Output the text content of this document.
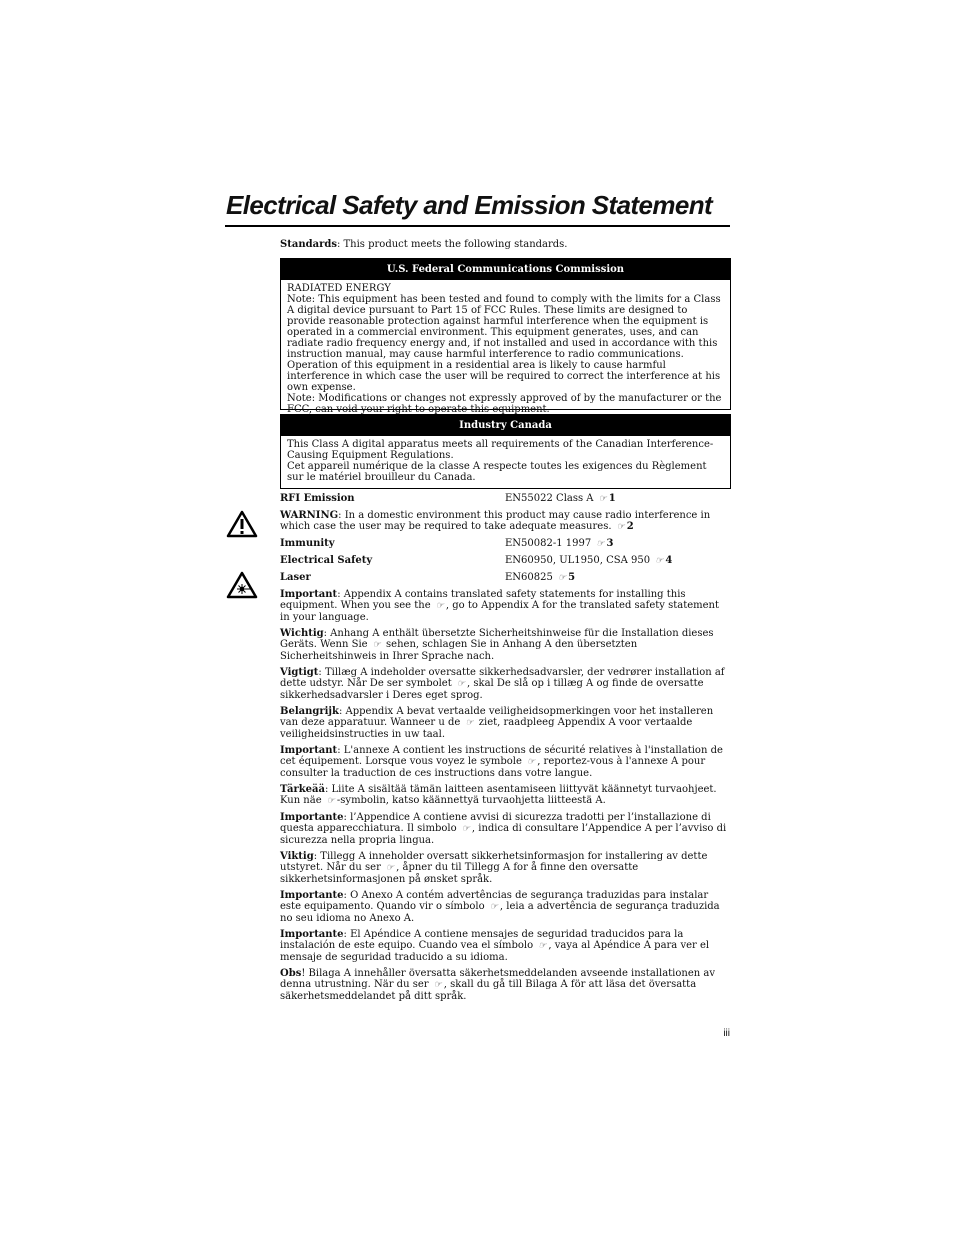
Electrical Safety and Emission Statement
Standards: This product meets the following standards.
U.S. Federal Communications Commission
RADIATED ENERGY
Note: This equipment has been tested and found to comply with the limits for a Class A digital device pursuant to Part 15 of FCC Rules. These limits are designed to provide reasonable protection against harmful interference when the equipment is operated in a commercial environment. This equipment generates, uses, and can radiate radio frequency energy and, if not installed and used in accordance with this instruction manual, may cause harmful interference to radio communications. Operation of this equipment in a residential area is likely to cause harmful interference in which case the user will be required to correct the interference at his own expense.
Note: Modifications or changes not expressly approved of by the manufacturer or the FCC, can void your right to operate this equipment.
Industry Canada
This Class A digital apparatus meets all requirements of the Canadian Interference-Causing Equipment Regulations.
Cet appareil numérique de la classe A respecte toutes les exigences du Règlement sur le matériel brouilleur du Canada.
RFI Emission	EN55022 Class A ☞ 1
WARNING: In a domestic environment this product may cause radio interference in which case the user may be required to take adequate measures. ☞ 2
Immunity	EN50082-1 1997 ☞ 3
Electrical Safety	EN60950, UL1950, CSA 950 ☞ 4
Laser	EN60825 ☞ 5
Important: Appendix A contains translated safety statements for installing this equipment. When you see the ☞ , go to Appendix A for the translated safety statement in your language.
Wichtig: Anhang A enthält übersetzte Sicherheitshinweise für die Installation dieses Geräts. Wenn Sie ☞ sehen, schlagen Sie in Anhang A den übersetzten Sicherheitshinweis in Ihrer Sprache nach.
Vigtigt: Tillæg A indeholder oversatte sikkerhedsadvarsler, der vedrører installation af dette udstyr. Når De ser symbolet ☞ , skal De slå op i tillæg A og finde de oversatte sikkerhedsadvarsler i Deres eget sprog.
Belangrijk: Appendix A bevat vertaalde veiligheidsopmerkingen voor het installeren van deze apparatuur. Wanneer u de ☞ ziet, raadpleeg Appendix A voor vertaalde veiligheidsinstructies in uw taal.
Important: L'annexe A contient les instructions de sécurité relatives à l'installation de cet équipement. Lorsque vous voyez le symbole ☞ , reportez-vous à l'annexe A pour consulter la traduction de ces instructions dans votre langue.
Tärkeää: Liite A sisältää tämän laitteen asentamiseen liittyvät käännetyt turvaohjeet. Kun näe ☞ -symbolin, katso käännettyä turvaohjetta liitteestä A.
Importante: l’Appendice A contiene avvisi di sicurezza tradotti per l’installazione di questa apparecchiatura. Il simbolo ☞ , indica di consultare l’Appendice A per l’avviso di sicurezza nella propria lingua.
Viktig: Tillegg A inneholder oversatt sikkerhetsinformasjon for installering av dette utstyret. Når du ser ☞ , åpner du til Tillegg A for å finne den oversatte sikkerhetsinformasjonen på ønsket språk.
Importante: O Anexo A contém advertências de segurança traduzidas para instalar este equipamento. Quando vir o símbolo ☞ , leia a advertência de segurança traduzida no seu idioma no Anexo A.
Importante: El Apéndice A contiene mensajes de seguridad traducidos para la instalación de este equipo. Cuando vea el símbolo ☞ , vaya al Apéndice A para ver el mensaje de seguridad traducido a su idioma.
Obs! Bilaga A innehåller översatta säkerhetsmeddelanden avseende installationen av denna utrustning. När du ser ☞ , skall du gå till Bilaga A för att läsa det översatta säkerhetsmeddelandet på ditt språk.
iii
